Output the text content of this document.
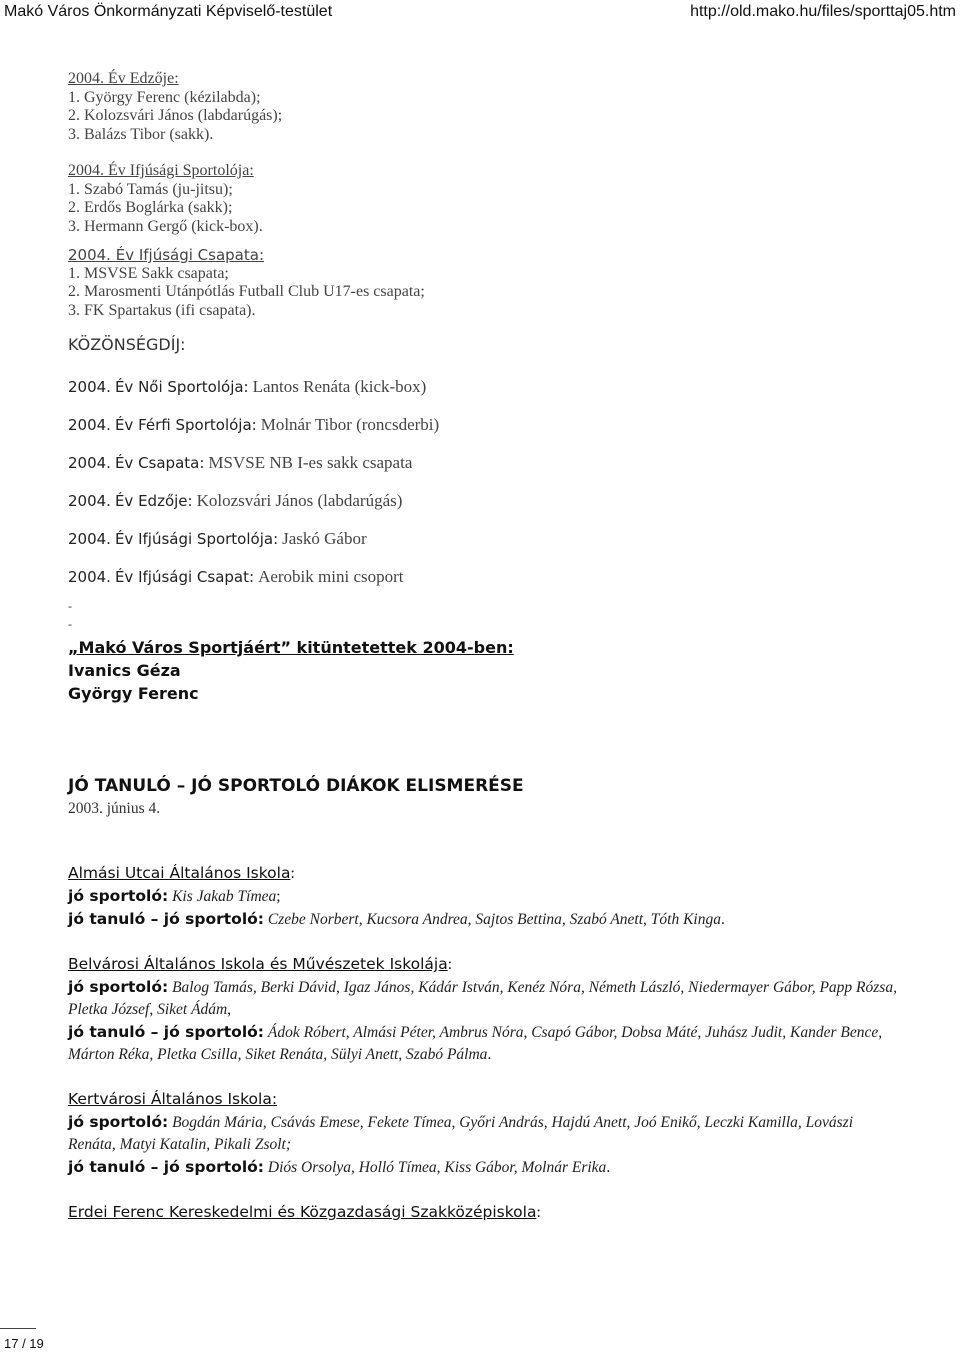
Makó Város Önkormányzati Képviselő-testület	http://old.mako.hu/files/sporttaj05.htm
2004. Év Edzője:
1. György Ferenc (kézilabda);
2. Kolozsvári János (labdarúgás);
3. Balázs Tibor (sakk).
2004. Év Ifjúsági Sportolója:
1. Szabó Tamás (ju-jitsu);
2. Erdős Boglárka (sakk);
3. Hermann Gergő (kick-box).
2004. Év Ifjúsági Csapata:
1. MSVSE Sakk csapata;
2. Marosmenti Utánpótlás Futball Club U17-es csapata;
3. FK Spartakus (ifi csapata).
KÖZÖNSÉGDÍJ:
2004. Év Női Sportolója: Lantos Renáta (kick-box)
2004. Év Férfi Sportolója: Molnár Tibor (roncsderbi)
2004. Év Csapata: MSVSE NB I-es sakk csapata
2004. Év Edzője: Kolozsvári János (labdarúgás)
2004. Év Ifjúsági Sportolója: Jaskó Gábor
2004. Év Ifjúsági Csapat: Aerobik mini csoport
-
-
„Makó Város Sportjáért” kitüntetettek 2004-ben:
Ivanics Géza
György Ferenc
JÓ TANULÓ – JÓ SPORTOLÓ DIÁKOK ELISMERÉSE
2003. június 4.
Almási Utcai Általános Iskola:
jó sportoló: Kis Jakab Tímea;
jó tanuló – jó sportoló: Czebe Norbert, Kucsora Andrea, Sajtos Bettina, Szabó Anett, Tóth Kinga.
Belvárosi Általános Iskola és Művészetek Iskolája:
jó sportoló: Balog Tamás, Berki Dávid, Igaz János, Kádár István, Kenéz Nóra, Németh László, Niedermayer Gábor, Papp Rózsa, Pletka József, Siket Ádám,
jó tanuló – jó sportoló: Ádok Róbert, Almási Péter, Ambrus Nóra, Csapó Gábor, Dobsa Máté, Juhász Judit, Kander Bence, Márton Réka, Pletka Csilla, Siket Renáta, Sülyi Anett, Szabó Pálma.
Kertvárosi Általános Iskola:
jó sportoló: Bogdán Mária, Csávás Emese, Fekete Tímea, Győri András, Hajdú Anett, Joó Enikő, Leczki Kamilla, Lovászi Renáta, Matyi Katalin, Pikali Zsolt;
jó tanuló – jó sportoló: Diós Orsolya, Holló Tímea, Kiss Gábor, Molnár Erika.
Erdei Ferenc Kereskedelmi és Közgazdasági Szakközépiskola:
17 / 19
